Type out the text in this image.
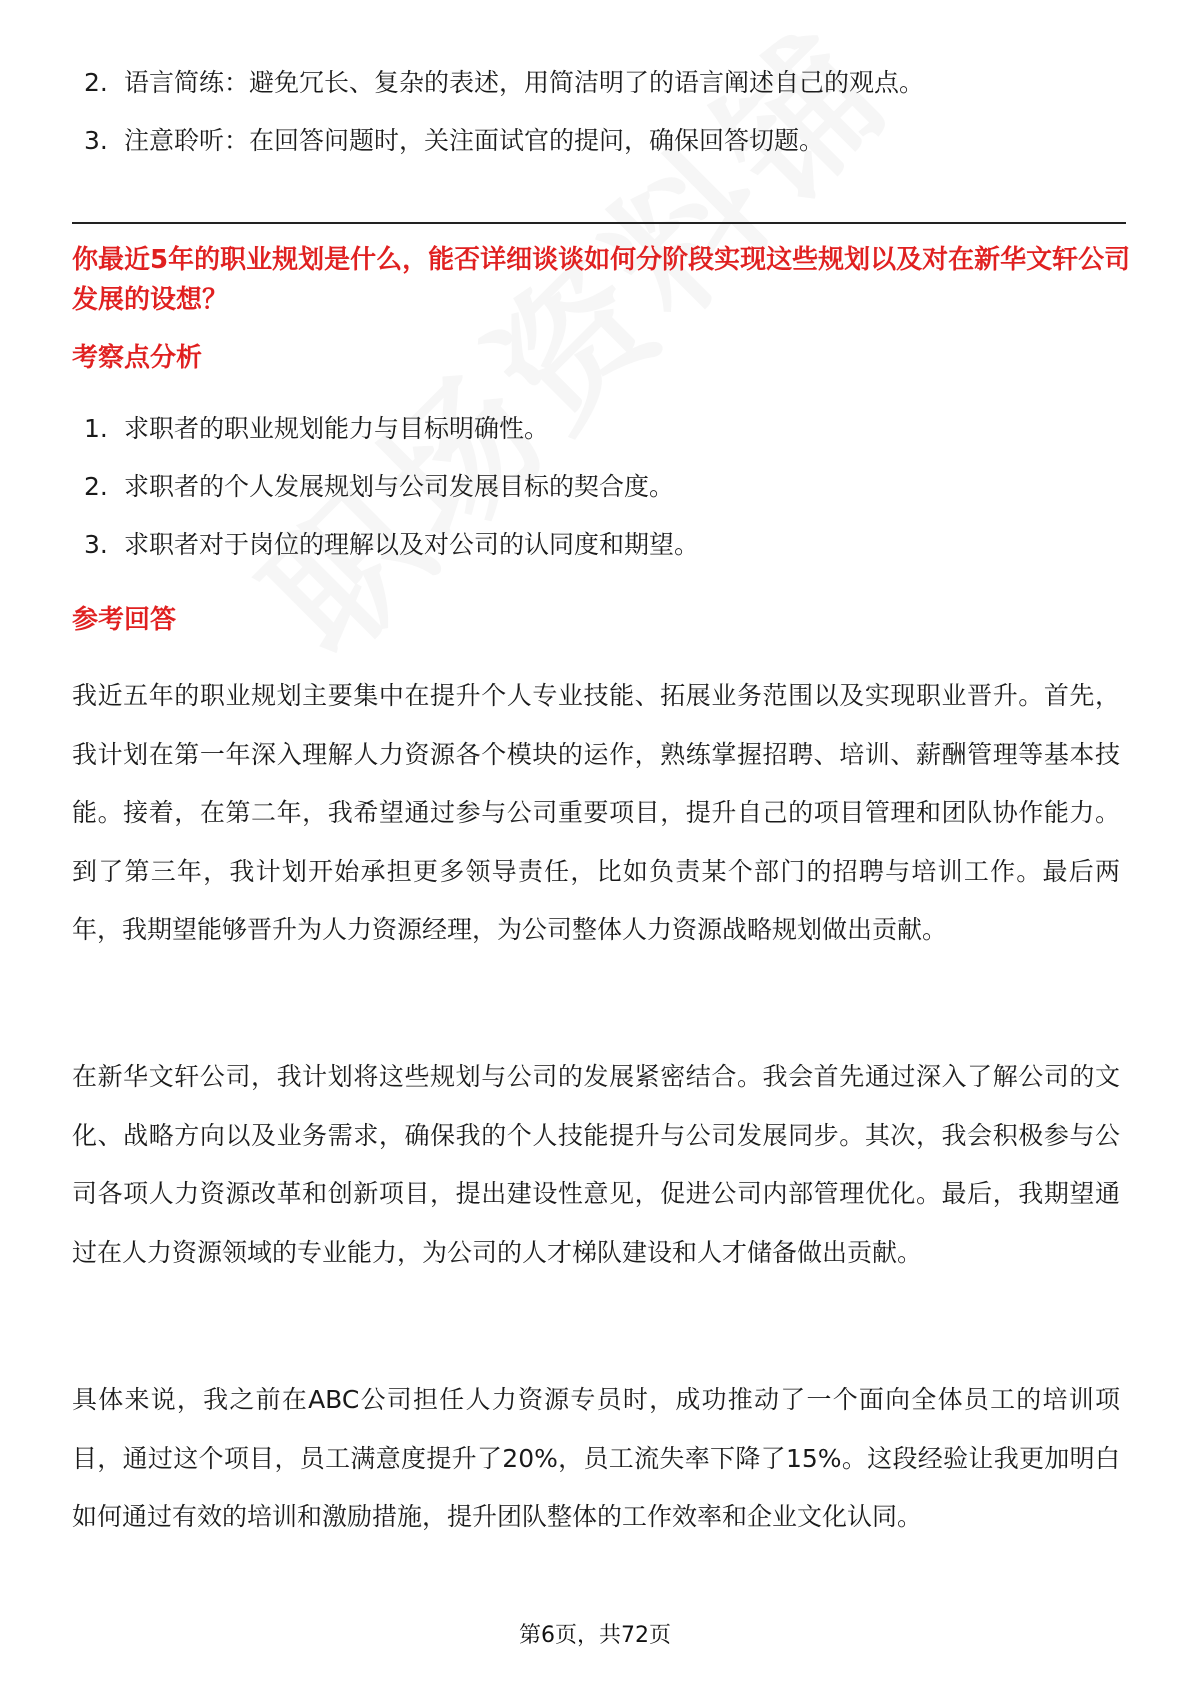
2. 语言简练：避免冗长、复杂的表述，用简洁明了的语言阐述自己的观点。
3. 注意聆听：在回答问题时，关注面试官的提问，确保回答切题。
你最近5年的职业规划是什么，能否详细谈谈如何分阶段实现这些规划以及对在新华文轩公司发展的设想？
考察点分析
1. 求职者的职业规划能力与目标明确性。
2. 求职者的个人发展规划与公司发展目标的契合度。
3. 求职者对于岗位的理解以及对公司的认同度和期望。
参考回答

我近五年的职业规划主要集中在提升个人专业技能、拓展业务范围以及实现职业晋升。首先，我计划在第一年深入理解人力资源各个模块的运作，熟练掌握招聘、培训、薪酬管理等基本技能。接着，在第二年，我希望通过参与公司重要项目，提升自己的项目管理和团队协作能力。到了第三年，我计划开始承担更多领导责任，比如负责某个部门的招聘与培训工作。最后两年，我期望能够晋升为人力资源经理，为公司整体人力资源战略规划做出贡献。

在新华文轩公司，我计划将这些规划与公司的发展紧密结合。我会首先通过深入了解公司的文化、战略方向以及业务需求，确保我的个人技能提升与公司发展同步。其次，我会积极参与公司各项人力资源改革和创新项目，提出建设性意见，促进公司内部管理优化。最后，我期望通过在人力资源领域的专业能力，为公司的人才梯队建设和人才储备做出贡献。

具体来说，我之前在ABC公司担任人力资源专员时，成功推动了一个面向全体员工的培训项目，通过这个项目，员工满意度提升了20%，员工流失率下降了15%。这段经验让我更加明白如何通过有效的培训和激励措施，提升团队整体的工作效率和企业文化认同。

第6页，共72页
